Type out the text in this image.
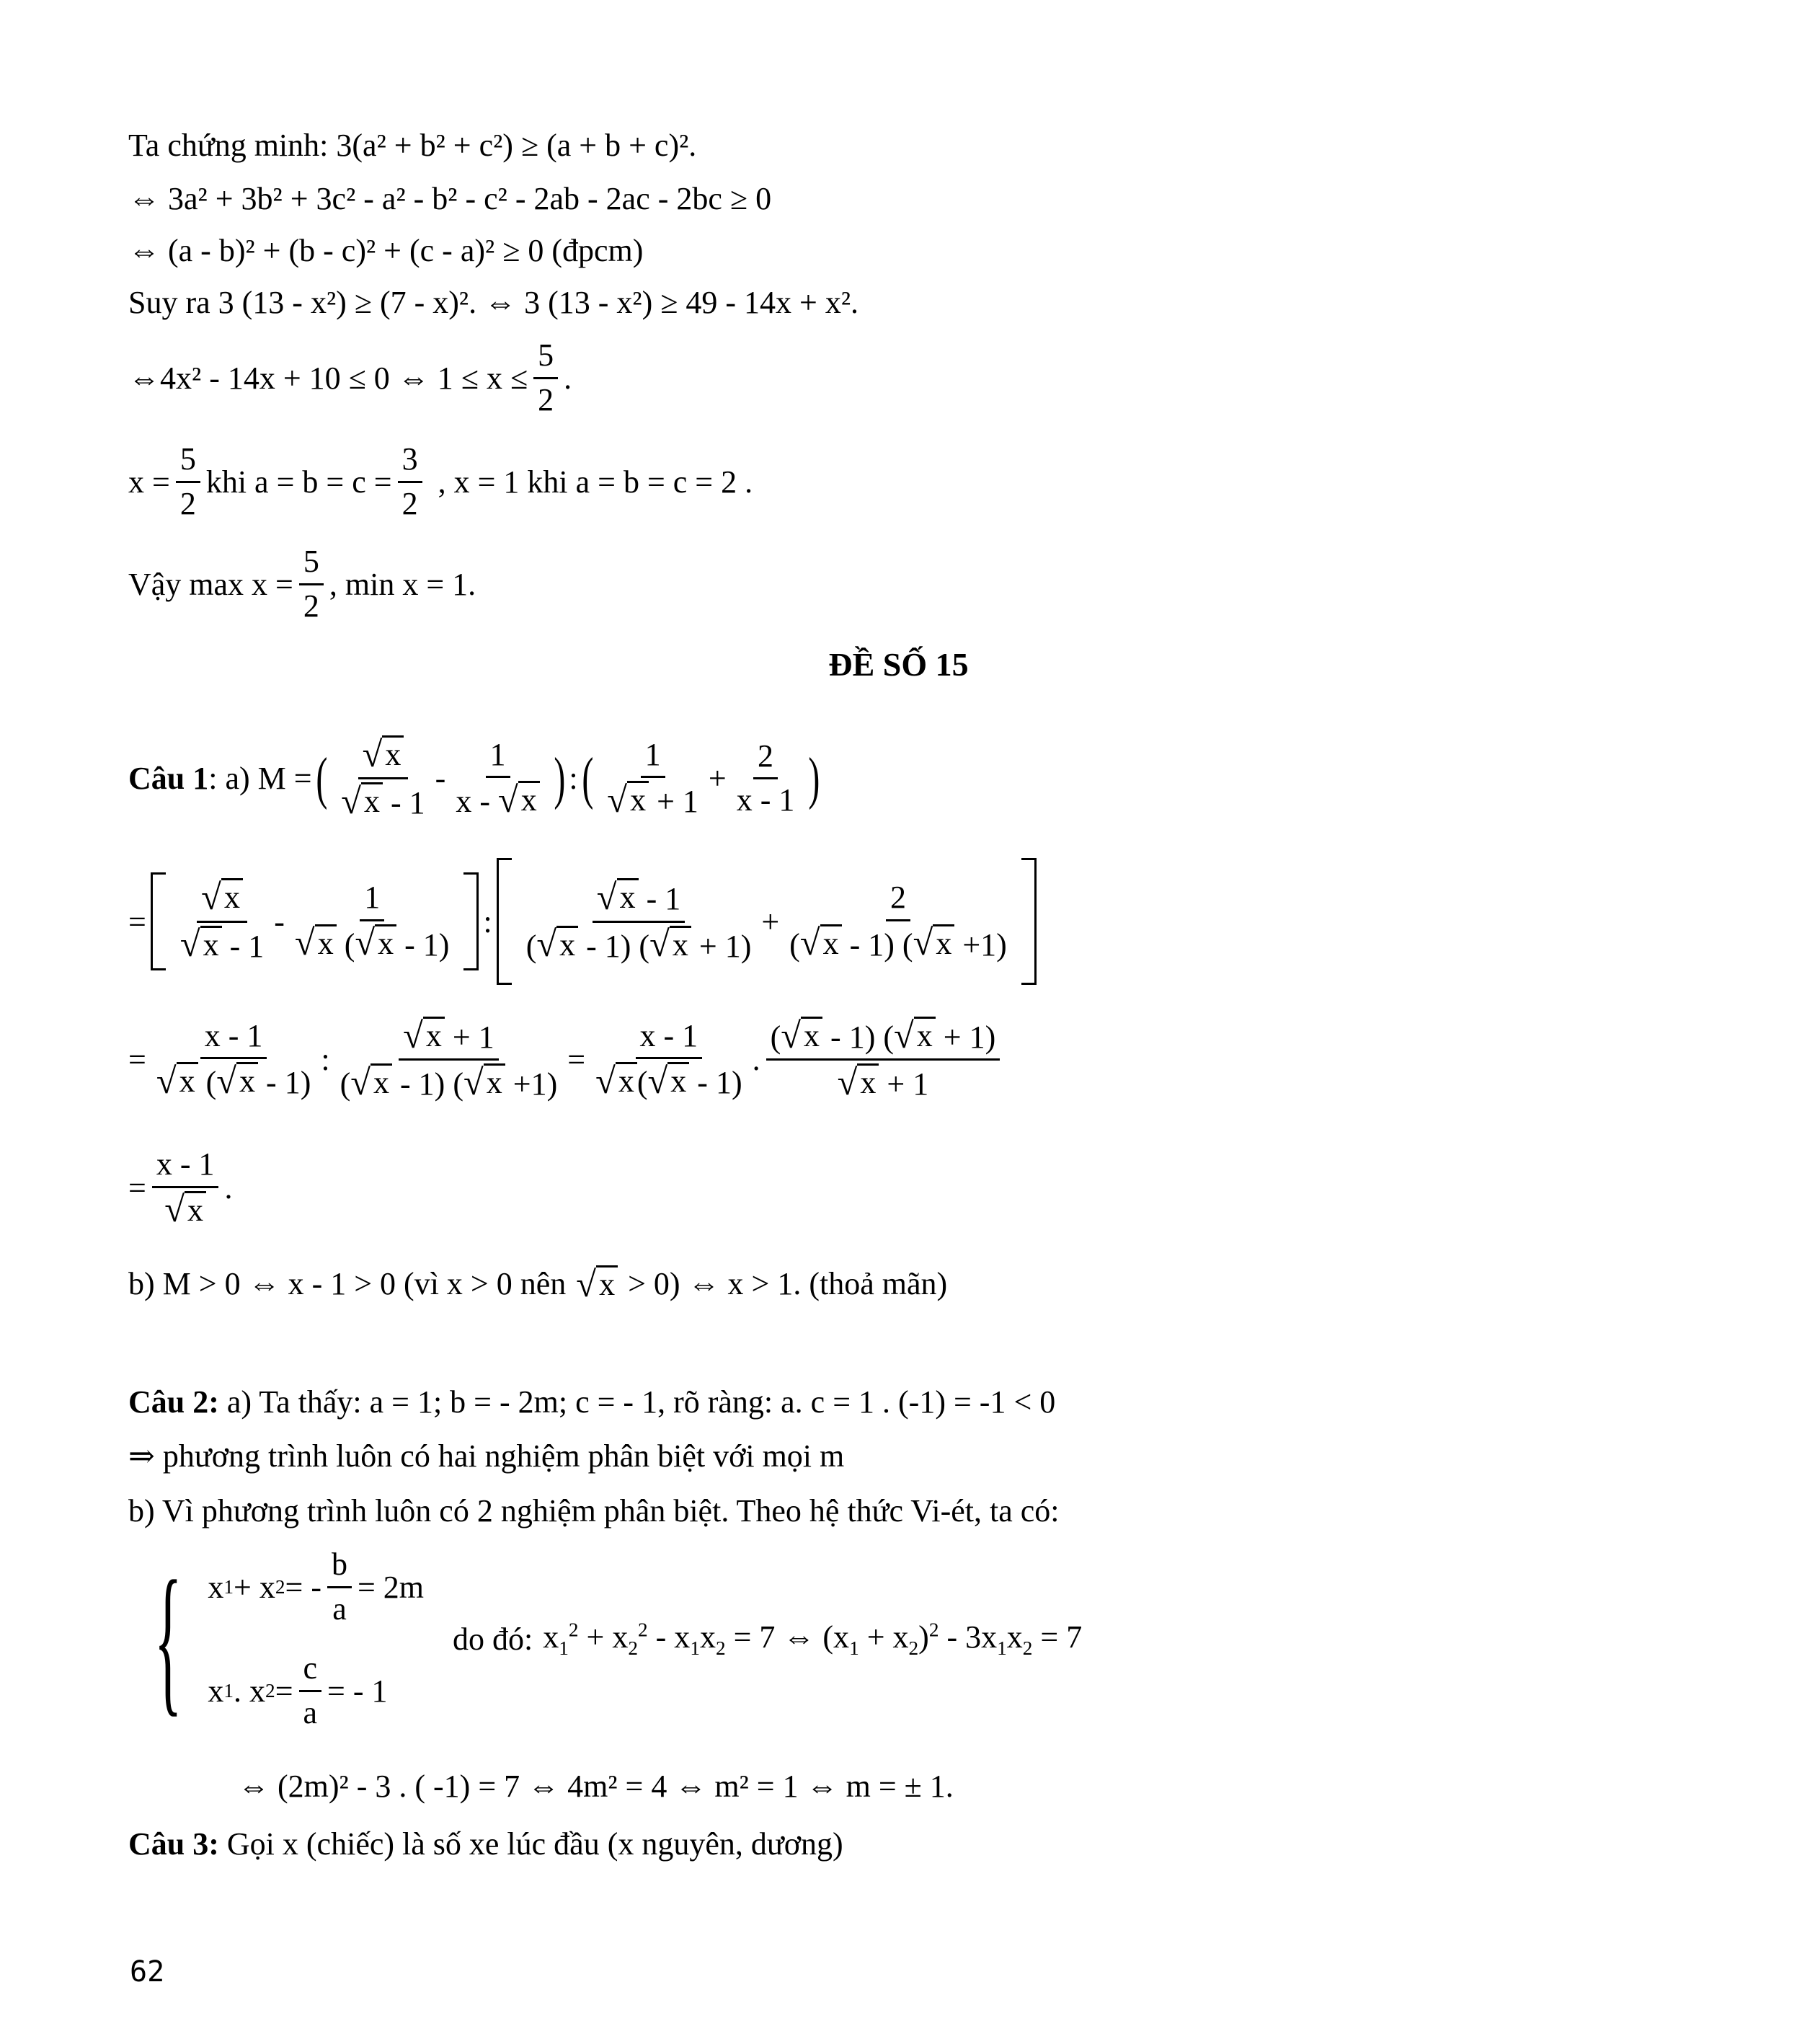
Ta chứng minh: 3(a² + b² + c²) ≥ (a + b + c)².
⇔ 3a² + 3b² + 3c² - a² - b² - c² - 2ab - 2ac - 2bc ≥ 0
⇔ (a - b)² + (b - c)² + (c - a)² ≥ 0 (đpcm)
Suy ra 3 (13 - x²) ≥ (7 - x)². ⇔ 3 (13 - x²) ≥ 49 - 14x + x².
⇔4x² - 14x + 10 ≤ 0 ⇔ $1 \le x \le \frac{5}{2}$ .
$x = \frac{5}{2}$ khi $a = b = c = \frac{3}{2}$ , x = 1 khi a = b = c = 2 .
Vậy $\max x = \frac{5}{2}$ , min x = 1.
ĐỀ SỐ 15
Câu 1 : a) M = ( $\frac{√ x}{√ x - 1} - \frac{1}{x - √ x}$ ) : ( $\frac{1}{√ x + 1} + \frac{2}{x - 1}$ )
= $\frac{√ x}{√ x - 1} - \frac{1}{√ x ( √ x - 1)}$ : $\frac{√ x - 1}{( √ x - 1) ( √ x + 1)} + \frac{2}{( √ x - 1) ( √ x +1)}$
= $\frac{x - 1}{√ x ( √ x - 1)}$ : $\frac{√ x + 1}{( √ x - 1) ( √ x +1)} = \frac{x - 1}{√ x ( √ x - 1)}$ . $\frac{( √ x - 1) ( √ x + 1)}{√ x + 1}$
= $\frac{x - 1}{√ x}$ .
b) M > 0 ⇔ x - 1 > 0 (vì x > 0 nên √ x > 0) ⇔ x > 1. (thoả mãn)
Câu 2: a) Ta thấy: a = 1; b = - 2m; c = - 1, rõ ràng: a. c = 1 . (-1) = -1 < 0
⇒ phương trình luôn có hai nghiệm phân biệt với mọi m
b) Vì phương trình luôn có 2 nghiệm phân biệt. Theo hệ thức Vi-ét, ta có:
{ x 1 + x 2 = - $\frac{b}{a} = 2m$
x 1 . x $2 = \frac{c}{a}$ = - 1
do đó: $x_1^2 + x_2^2 - x_1x_2 = 7$ ⇔ $(x_1 + x_2)^2 - 3x_1x_2 = 7$
⇔ (2m)² - 3 . ( -1) = 7 ⇔ 4m² = 4 ⇔ m² = 1 ⇔ m = ± 1.
Câu 3: Gọi x (chiếc) là số xe lúc đầu (x nguyên, dương)
62
